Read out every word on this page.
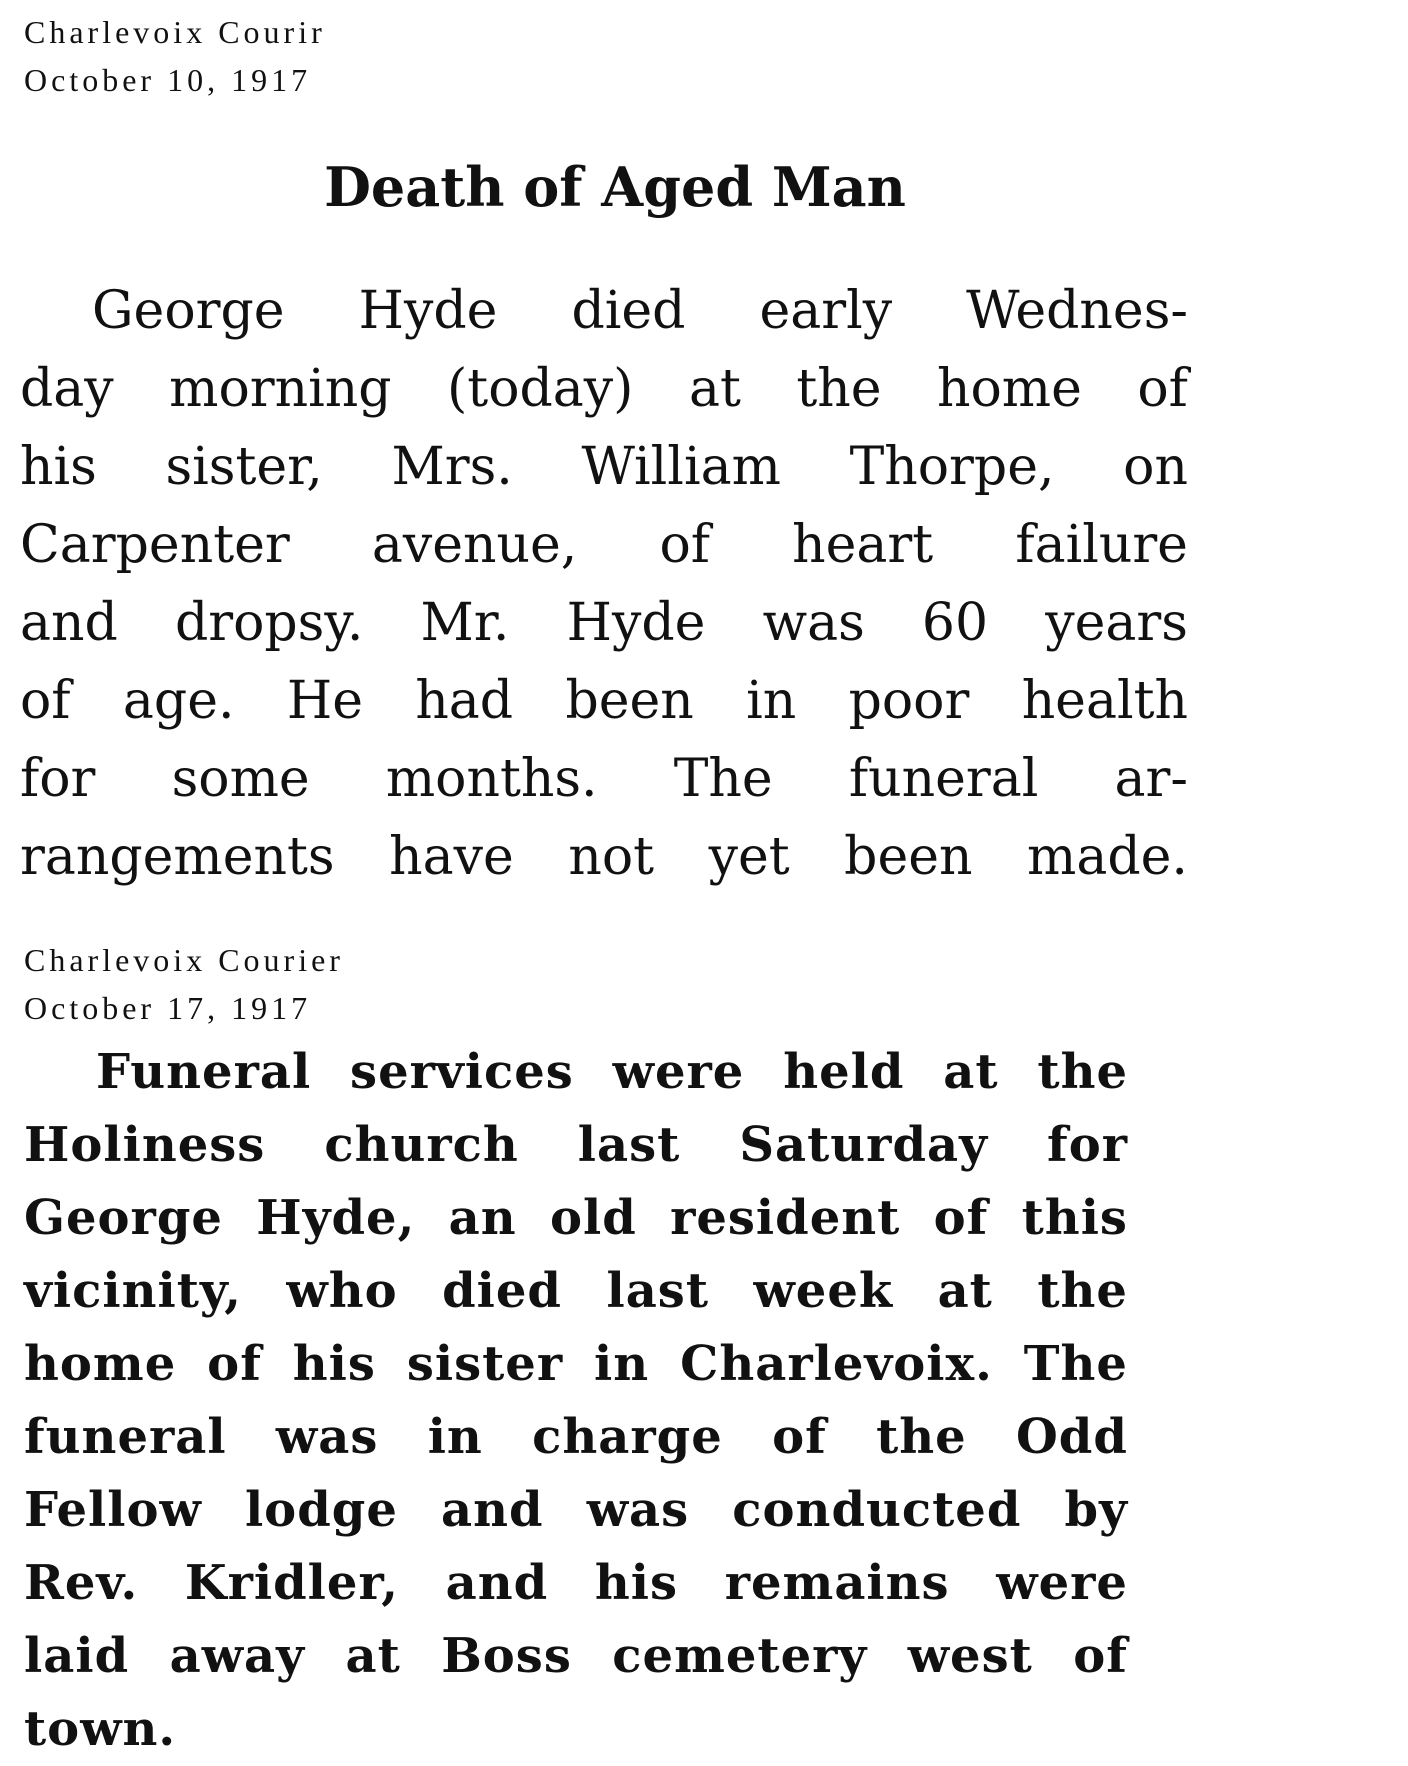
Charlevoix Courir
October 10, 1917
Death of Aged Man
George Hyde died early Wednes-
day morning (today) at the home of
his sister, Mrs. William Thorpe, on
Carpenter avenue, of heart failure
and dropsy. Mr. Hyde was 60 years
of age. He had been in poor health
for some months. The funeral ar-
rangements have not yet been made.
Charlevoix Courier
October 17, 1917
Funeral services were held at the
Holiness church last Saturday for
George Hyde, an old resident of this
vicinity, who died last week at the
home of his sister in Charlevoix. The
funeral was in charge of the Odd
Fellow lodge and was conducted by
Rev. Kridler, and his remains were
laid away at Boss cemetery west of
town.
